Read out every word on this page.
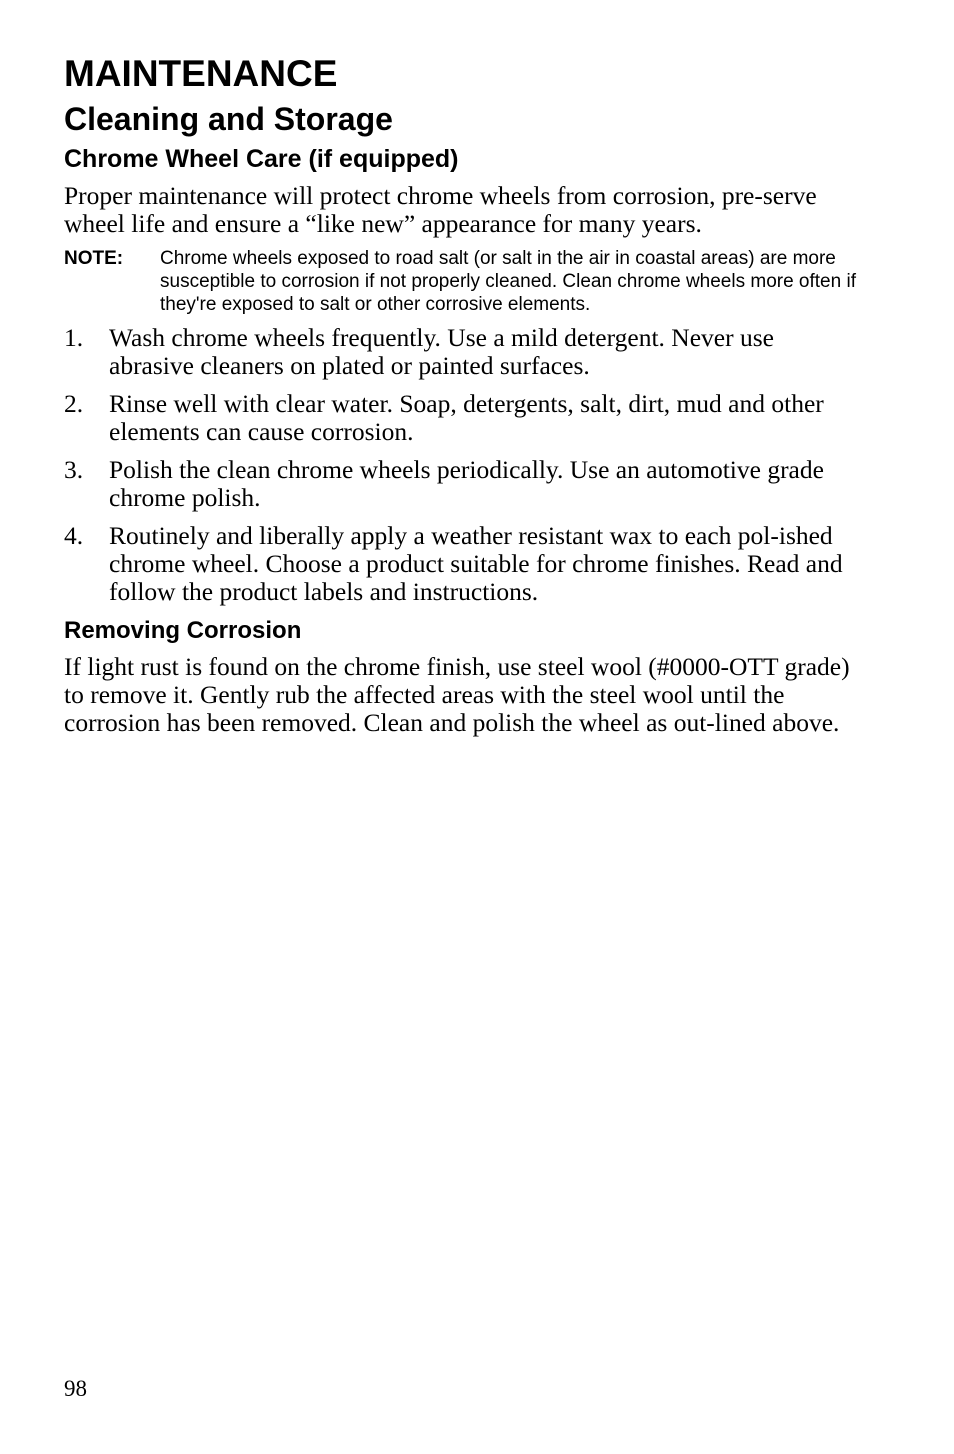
MAINTENANCE
Cleaning and Storage
Chrome Wheel Care (if equipped)

Proper maintenance will protect chrome wheels from corrosion, pre-serve wheel life and ensure a “like new” appearance for many years.

NOTE:	Chrome wheels exposed to road salt (or salt in the air in coastal areas) are more susceptible to corrosion if not properly cleaned. Clean chrome wheels more often if they're exposed to salt or other corrosive elements.
1.	Wash chrome wheels frequently. Use a mild detergent. Never use abrasive cleaners on plated or painted surfaces.
2.	Rinse well with clear water. Soap, detergents, salt, dirt, mud and other elements can cause corrosion.
3.	Polish the clean chrome wheels periodically. Use an automotive grade chrome polish.
4.	Routinely and liberally apply a weather resistant wax to each pol-ished chrome wheel. Choose a product suitable for chrome finishes. Read and follow the product labels and instructions.
Removing Corrosion

If light rust is found on the chrome finish, use steel wool (#0000-OTT grade) to remove it. Gently rub the affected areas with the steel wool until the corrosion has been removed. Clean and polish the wheel as out-lined above.

98
